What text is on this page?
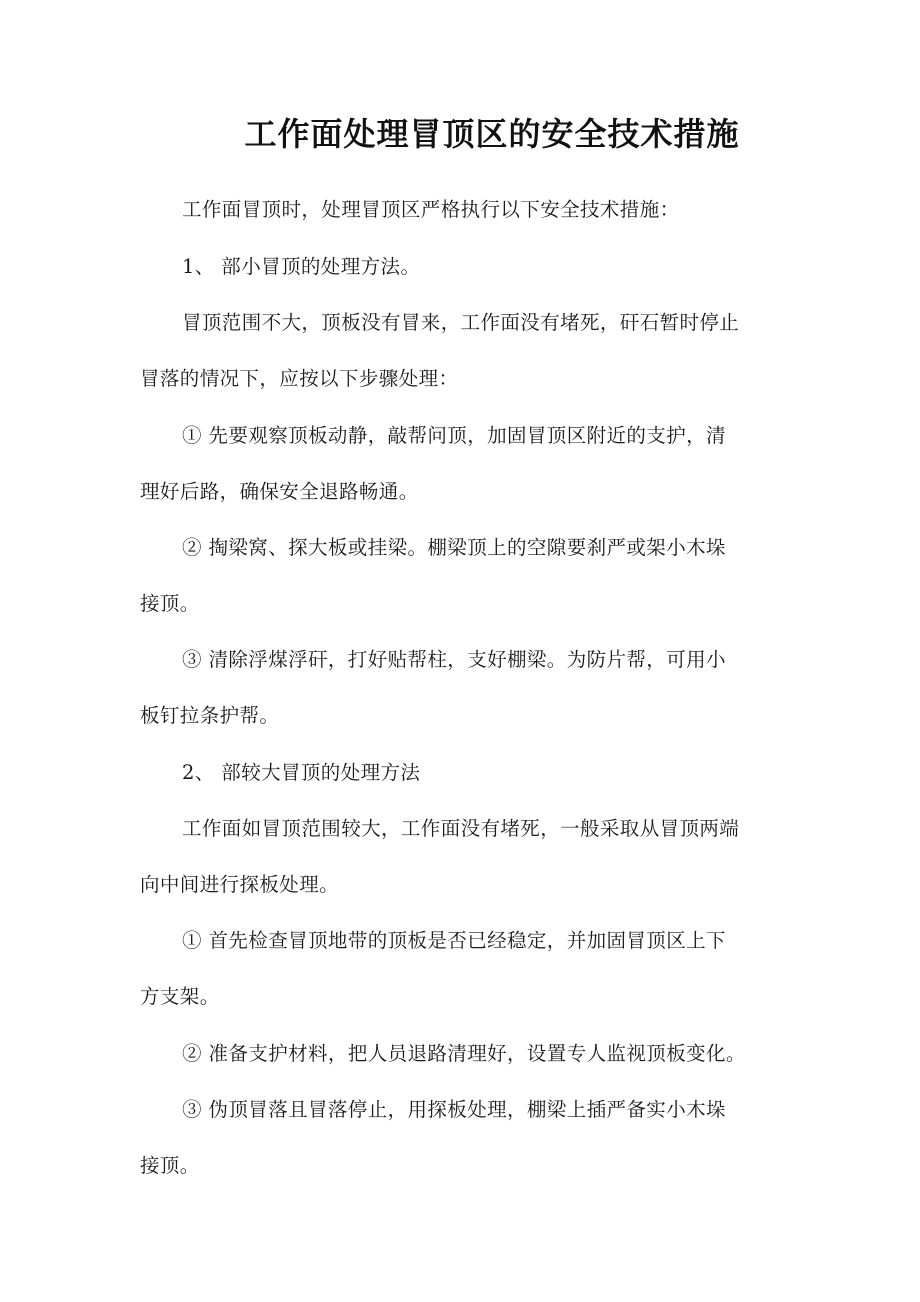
工作面处理冒顶区的安全技术措施
工作面冒顶时，处理冒顶区严格执行以下安全技术措施：
1、 部小冒顶的处理方法。
冒顶范围不大，顶板没有冒来，工作面没有堵死，矸石暂时停止
冒落的情况下，应按以下步骤处理：
① 先要观察顶板动静，敲帮问顶，加固冒顶区附近的支护，清
理好后路，确保安全退路畅通。
② 掏梁窝、探大板或挂梁。棚梁顶上的空隙要刹严或架小木垛
接顶。
③ 清除浮煤浮矸，打好贴帮柱，支好棚梁。为防片帮，可用小
板钉拉条护帮。
2、 部较大冒顶的处理方法
工作面如冒顶范围较大，工作面没有堵死，一般采取从冒顶两端
向中间进行探板处理。
① 首先检查冒顶地带的顶板是否已经稳定，并加固冒顶区上下
方支架。
② 准备支护材料，把人员退路清理好，设置专人监视顶板变化。
③ 伪顶冒落且冒落停止，用探板处理，棚梁上插严备实小木垛
接顶。
